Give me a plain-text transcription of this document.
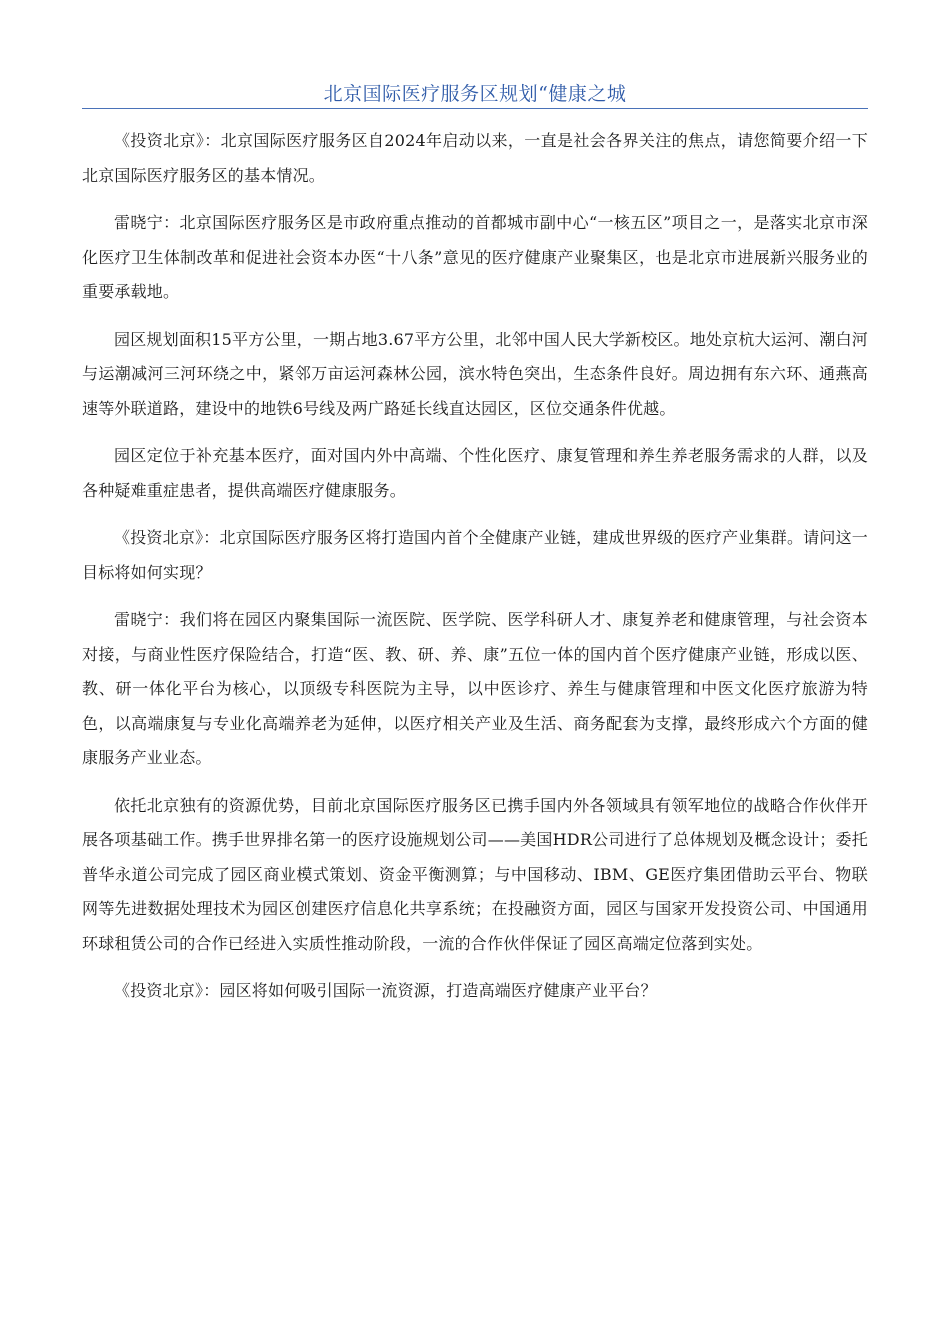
北京国际医疗服务区规划“健康之城

《投资北京》：北京国际医疗服务区自2024年启动以来，一直是社会各界关注的焦点，请您简要介绍一下北京国际医疗服务区的基本情况。

雷晓宁：北京国际医疗服务区是市政府重点推动的首都城市副中心“一核五区”项目之一，是落实北京市深化医疗卫生体制改革和促进社会资本办医“十八条”意见的医疗健康产业聚集区，也是北京市进展新兴服务业的重要承载地。

园区规划面积15平方公里，一期占地3.67平方公里，北邻中国人民大学新校区。地处京杭大运河、潮白河与运潮减河三河环绕之中，紧邻万亩运河森林公园，滨水特色突出，生态条件良好。周边拥有东六环、通燕高速等外联道路，建设中的地铁6号线及两广路延长线直达园区，区位交通条件优越。

园区定位于补充基本医疗，面对国内外中高端、个性化医疗、康复管理和养生养老服务需求的人群，以及各种疑难重症患者，提供高端医疗健康服务。

《投资北京》：北京国际医疗服务区将打造国内首个全健康产业链，建成世界级的医疗产业集群。请问这一目标将如何实现？

雷晓宁：我们将在园区内聚集国际一流医院、医学院、医学科研人才、康复养老和健康管理，与社会资本对接，与商业性医疗保险结合，打造“医、教、研、养、康”五位一体的国内首个医疗健康产业链，形成以医、教、研一体化平台为核心，以顶级专科医院为主导，以中医诊疗、养生与健康管理和中医文化医疗旅游为特色，以高端康复与专业化高端养老为延伸，以医疗相关产业及生活、商务配套为支撑，最终形成六个方面的健康服务产业业态。

依托北京独有的资源优势，目前北京国际医疗服务区已携手国内外各领域具有领军地位的战略合作伙伴开展各项基础工作。携手世界排名第一的医疗设施规划公司——美国HDR公司进行了总体规划及概念设计；委托普华永道公司完成了园区商业模式策划、资金平衡测算；与中国移动、IBM、GE医疗集团借助云平台、物联网等先进数据处理技术为园区创建医疗信息化共享系统；在投融资方面，园区与国家开发投资公司、中国通用环球租赁公司的合作已经进入实质性推动阶段，一流的合作伙伴保证了园区高端定位落到实处。

《投资北京》：园区将如何吸引国际一流资源，打造高端医疗健康产业平台？
